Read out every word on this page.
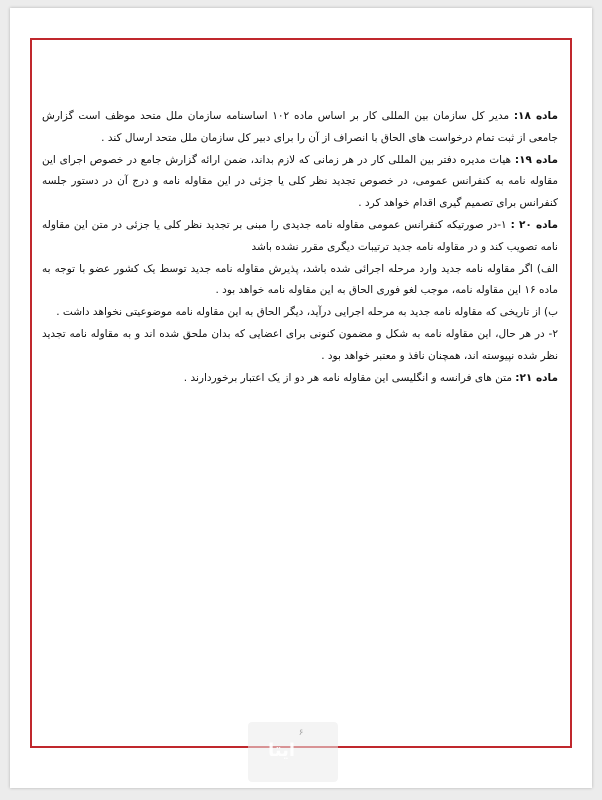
ماده ۱۸: مدیر کل سازمان بین المللی کار بر اساس ماده ۱۰۲ اساسنامه سازمان ملل متحد موظف است گزارش جامعی از ثبت تمام درخواست های الحاق با انصراف از آن را برای دبیر کل سازمان ملل متحد ارسال کند .

ماده ۱۹: هیات مدیره دفتر بین المللی کار در هر زمانی که لازم بداند، ضمن ارائه گزارش جامع در خصوص اجرای این مقاوله نامه به کنفرانس عمومی، در خصوص تجدید نظر کلی یا جزئی در این مقاوله نامه و درج آن در دستور جلسه کنفرانس برای تصمیم گیری اقدام خواهد کرد .

ماده ۲۰ : ۱-در صورتیکه کنفرانس عمومی مقاوله نامه جدیدی را مبنی بر تجدید نظر کلی یا جزئی در متن این مقاوله نامه تصویب کند و در مقاوله نامه جدید ترتیبات دیگری مقرر نشده باشد

الف) اگر مقاوله نامه جدید وارد مرحله اجرائی شده باشد، پذیرش مقاوله نامه جدید توسط یک کشور عضو با توجه به ماده ۱۶ این مقاوله نامه، موجب لغو فوری الحاق به این مقاوله نامه خواهد بود .

ب) از تاریخی که مقاوله نامه جدید به مرحله اجرایی درآید، دیگر الحاق به این مقاوله نامه موضوعیتی نخواهد داشت .

۲- در هر حال، این مقاوله نامه به شکل و مضمون کنونی برای اعضایی که بدان ملحق شده اند و به مقاوله نامه تجدید نظر شده نپیوسته اند، همچنان نافذ و معتبر خواهد بود .

ماده ۲۱: متن های فرانسه و انگلیسی این مقاوله نامه هر دو از یک اعتبار برخوردارند .

ایتا
